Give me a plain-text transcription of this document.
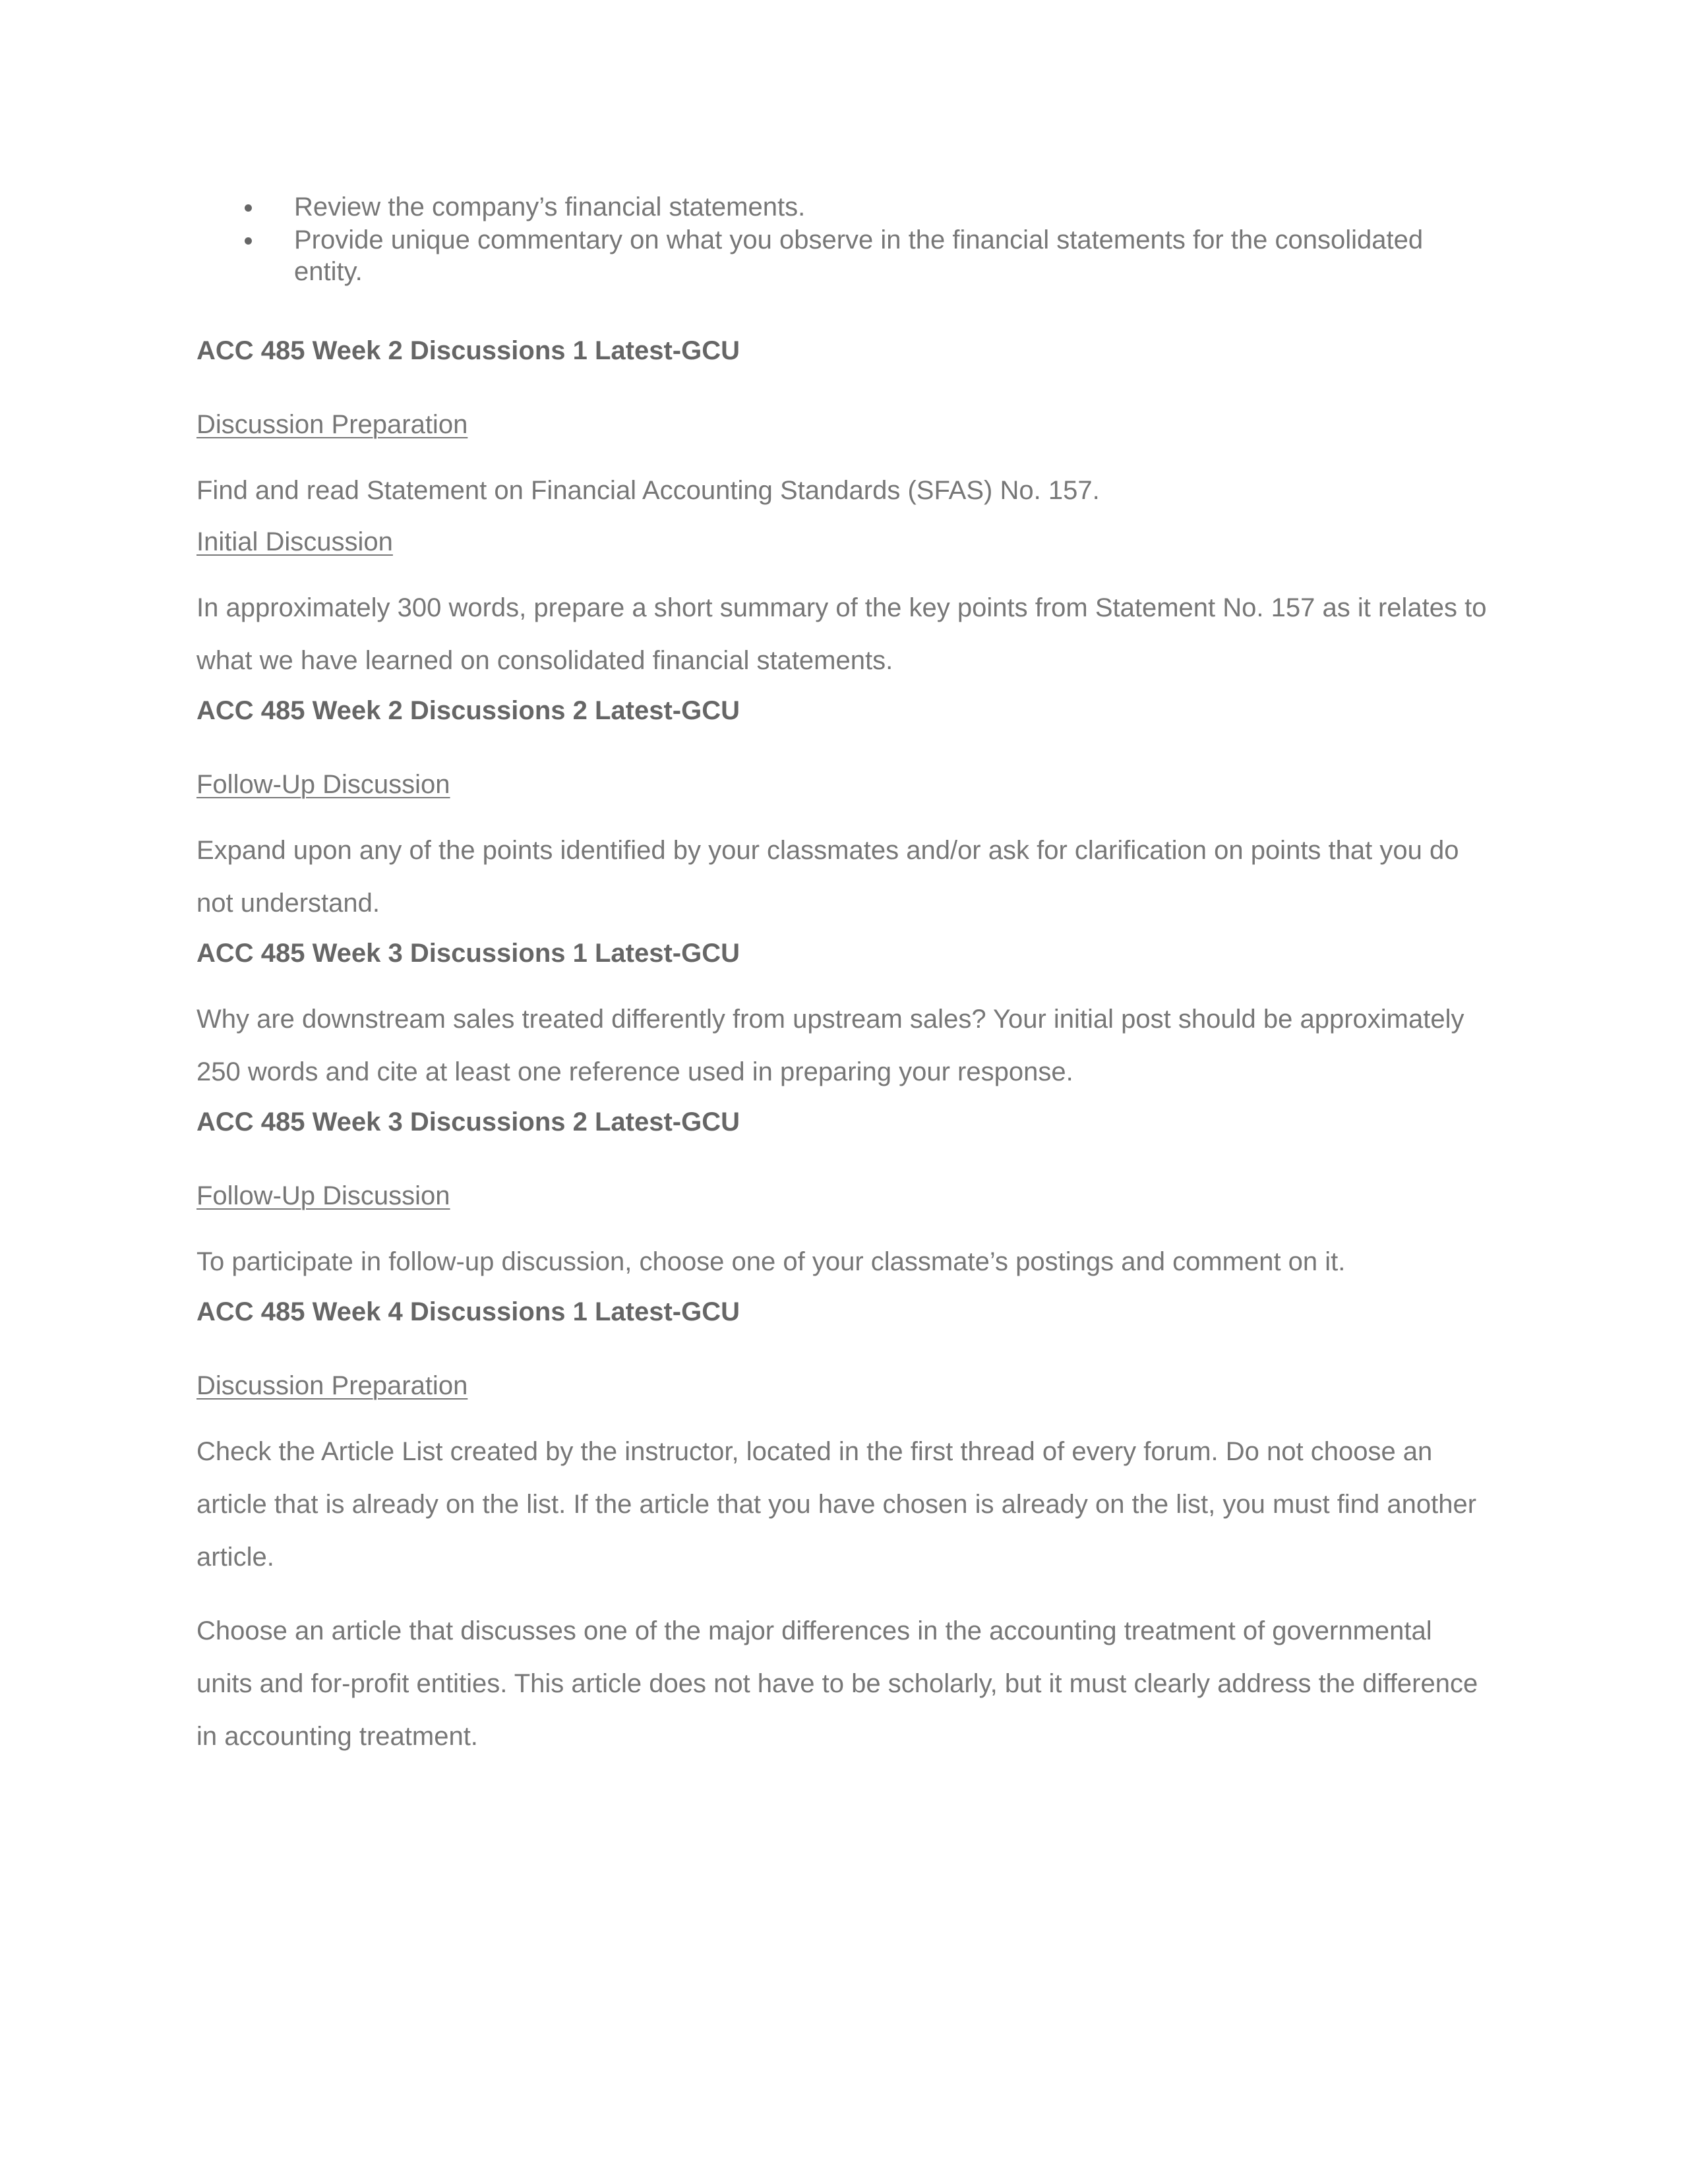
Review the company’s financial statements.
Provide unique commentary on what you observe in the financial statements for the consolidated entity.

ACC 485 Week 2 Discussions 1 Latest-GCU

Discussion Preparation

Find and read Statement on Financial Accounting Standards (SFAS) No. 157.

Initial Discussion

In approximately 300 words, prepare a short summary of the key points from Statement No. 157 as it relates to what we have learned on consolidated financial statements.

ACC 485 Week 2 Discussions 2 Latest-GCU

Follow-Up Discussion

Expand upon any of the points identified by your classmates and/or ask for clarification on points that you do not understand.

ACC 485 Week 3 Discussions 1 Latest-GCU

Why are downstream sales treated differently from upstream sales? Your initial post should be approximately 250 words and cite at least one reference used in preparing your response.

ACC 485 Week 3 Discussions 2 Latest-GCU

Follow-Up Discussion

To participate in follow-up discussion, choose one of your classmate’s postings and comment on it.

ACC 485 Week 4 Discussions 1 Latest-GCU

Discussion Preparation

Check the Article List created by the instructor, located in the first thread of every forum. Do not choose an article that is already on the list. If the article that you have chosen is already on the list, you must find another article.

Choose an article that discusses one of the major differences in the accounting treatment of governmental units and for-profit entities. This article does not have to be scholarly, but it must clearly address the difference in accounting treatment.
